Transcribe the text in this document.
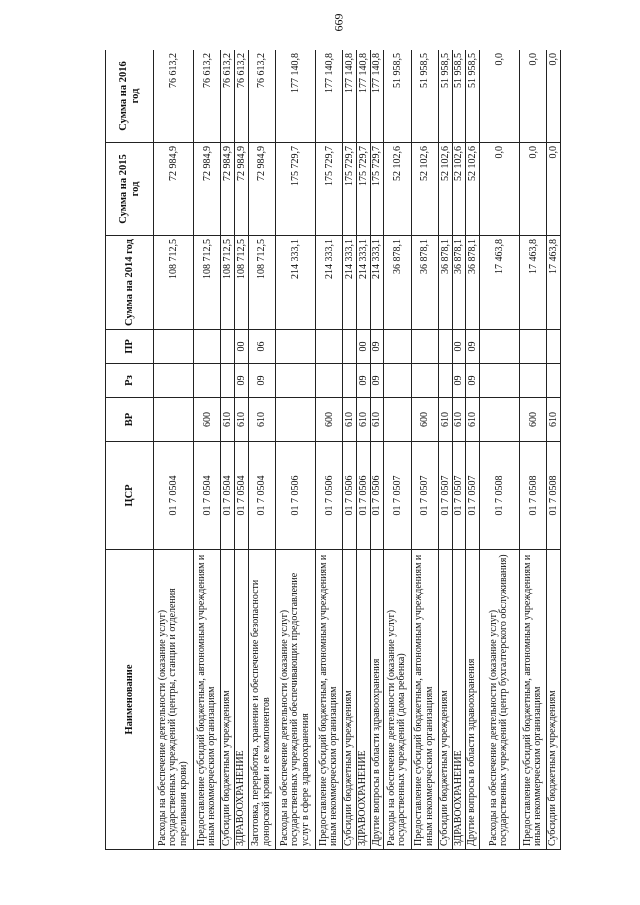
669
Наименование	ЦСР	ВР	Рз	ПР	Сумма на 2014 год	Сумма на 2015 год	Сумма на 2016 год
Расходы на обеспечение деятельности (оказание услуг) государственных учреждений (центры, станции и отделения переливания крови)	01 7 0504				108 712,5	72 984,9	76 613,2
Предоставление субсидий бюджетным, автономным учреждениям и иным некоммерческим организациям	01 7 0504	600			108 712,5	72 984,9	76 613,2
Субсидии бюджетным учреждениям	01 7 0504	610			108 712,5	72 984,9	76 613,2
ЗДРАВООХРАНЕНИЕ	01 7 0504	610	09	00	108 712,5	72 984,9	76 613,2
Заготовка, переработка, хранение и обеспечение безопасности донорской крови и ее компонентов	01 7 0504	610	09	06	108 712,5	72 984,9	76 613,2
Расходы на обеспечение деятельности (оказание услуг) государственных учреждений обеспечивающих предоставление услуг в сфере здравоохранения	01 7 0506				214 333,1	175 729,7	177 140,8
Предоставление субсидий бюджетным, автономным учреждениям и иным некоммерческим организациям	01 7 0506	600			214 333,1	175 729,7	177 140,8
Субсидии бюджетным учреждениям	01 7 0506	610			214 333,1	175 729,7	177 140,8
ЗДРАВООХРАНЕНИЕ	01 7 0506	610	09	00	214 333,1	175 729,7	177 140,8
Другие вопросы в области здравоохранения	01 7 0506	610	09	09	214 333,1	175 729,7	177 140,8
Расходы на обеспечение деятельности (оказание услуг) государственных учреждений (дома ребенка)	01 7 0507				36 878,1	52 102,6	51 958,5
Предоставление субсидий бюджетным, автономным учреждениям и иным некоммерческим организациям	01 7 0507	600			36 878,1	52 102,6	51 958,5
Субсидии бюджетным учреждениям	01 7 0507	610			36 878,1	52 102,6	51 958,5
ЗДРАВООХРАНЕНИЕ	01 7 0507	610	09	00	36 878,1	52 102,6	51 958,5
Другие вопросы в области здравоохранения	01 7 0507	610	09	09	36 878,1	52 102,6	51 958,5
Расходы на обеспечение деятельности (оказание услуг) государственных учреждений (центр бухгалтерского обслуживания)	01 7 0508				17 463,8	0,0	0,0
Предоставление субсидий бюджетным, автономным учреждениям и иным некоммерческим организациям	01 7 0508	600			17 463,8	0,0	0,0
Субсидии бюджетным учреждениям	01 7 0508	610			17 463,8	0,0	0,0
